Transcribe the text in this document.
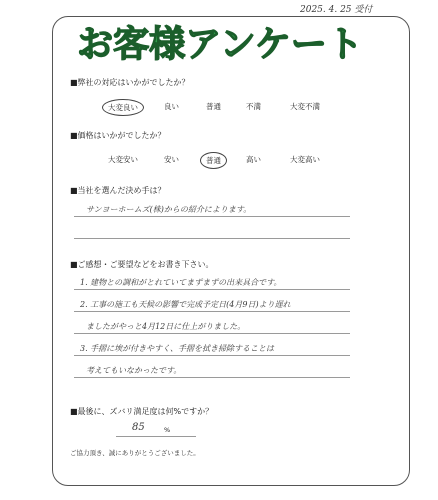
2025. 4. 25 受付
お客様アンケート
■弊社の対応はいかがでしたか？
大変良い	良い	普通	不満	大変不満
■価格はいかがでしたか？
大変安い	安い	普通	高い	大変高い
■当社を選んだ決め手は？
サンヨーホームズ(株)からの紹介によります。
■ご感想・ご要望などをお書き下さい。
1. 建物との調和がとれていてまずまずの出来具合です。
2. 工事の施工も天候の影響で完成予定日(4月9日)より遅れ
ましたがやっと4月12日に仕上がりました。
3. 手摺に埃が付きやすく、手摺を拭き掃除することは
考えてもいなかったです。
■最後に、ズバリ満足度は何%ですか？
85	%
ご協力頂き、誠にありがとうございました。
